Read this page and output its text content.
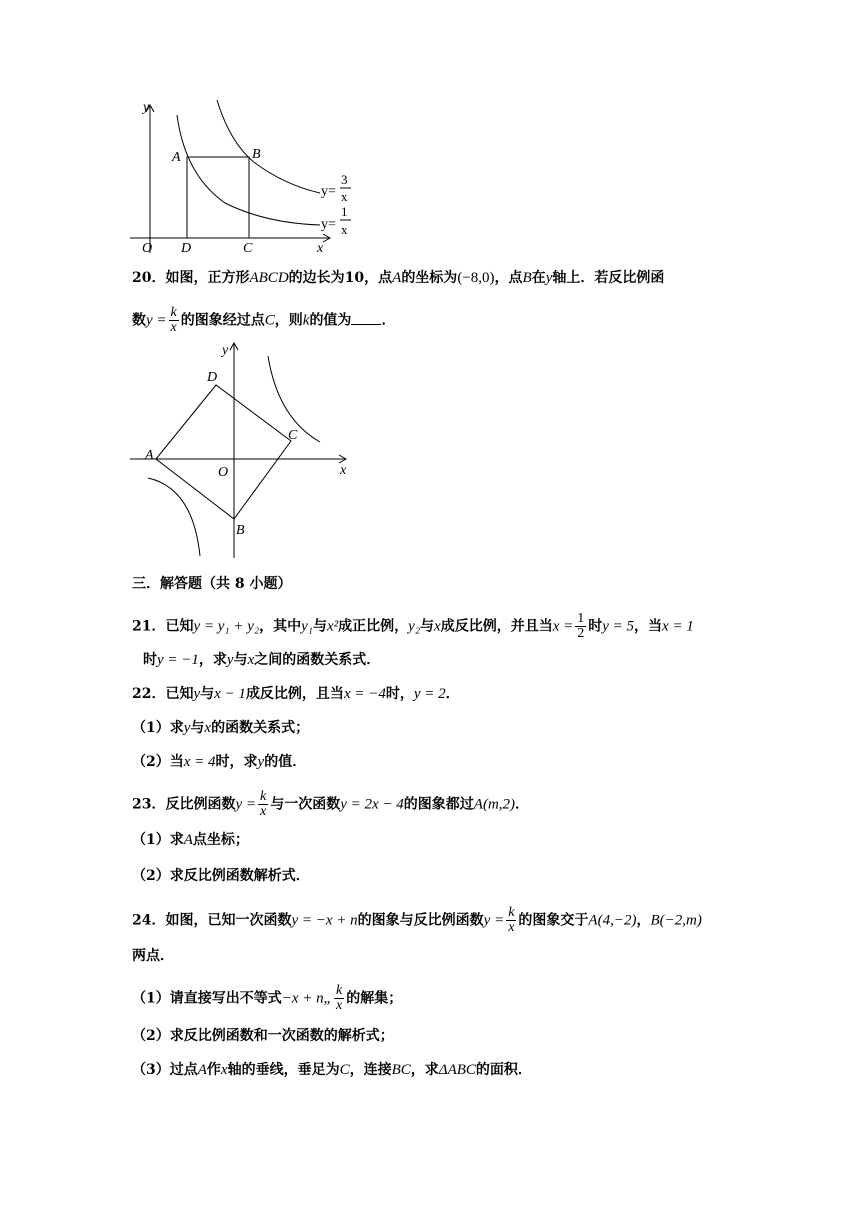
y
x
O
A	B
C
D
y=
3
x
y=
1
x
20．如图，正方形ABCD的边长为10，点A的坐标为(−8,0)，点B在y轴上．若反比例函
数$y = \frac{k}{x}$ 的图象经过点C，则k的值为 ．
y
x
O
A
B
C
D
三．解答题（共 8 小题）
21．已知y = y₁ + y₂，其中y₁与x²成正比例，y₂与x成反比例，并且当$x = \frac{1}{2}$ 时y = 5，当x = 1
时y = −1，求y与x之间的函数关系式．
22．已知y与x − 1成反比例，且当x = −4时，y = 2．
（1）求y与x的函数关系式；
（2）当x = 4时，求y的值．
23．反比例函数$y = \frac{k}{x}$ 与一次函数y = 2x − 4的图象都过A(m,2)．
（1）求A点坐标；
（2）求反比例函数解析式．
24．如图，已知一次函数y = −x + n的图象与反比例函数$y = \frac{k}{x}$ 的图象交于A(4,−2)，B(−2,m)
两点．
（1）请直接写出不等式−x + n„ $\frac{k}{x}$ 的解集；
（2）求反比例函数和一次函数的解析式；
（3）过点A作x轴的垂线，垂足为C，连接BC，求ΔABC的面积．
